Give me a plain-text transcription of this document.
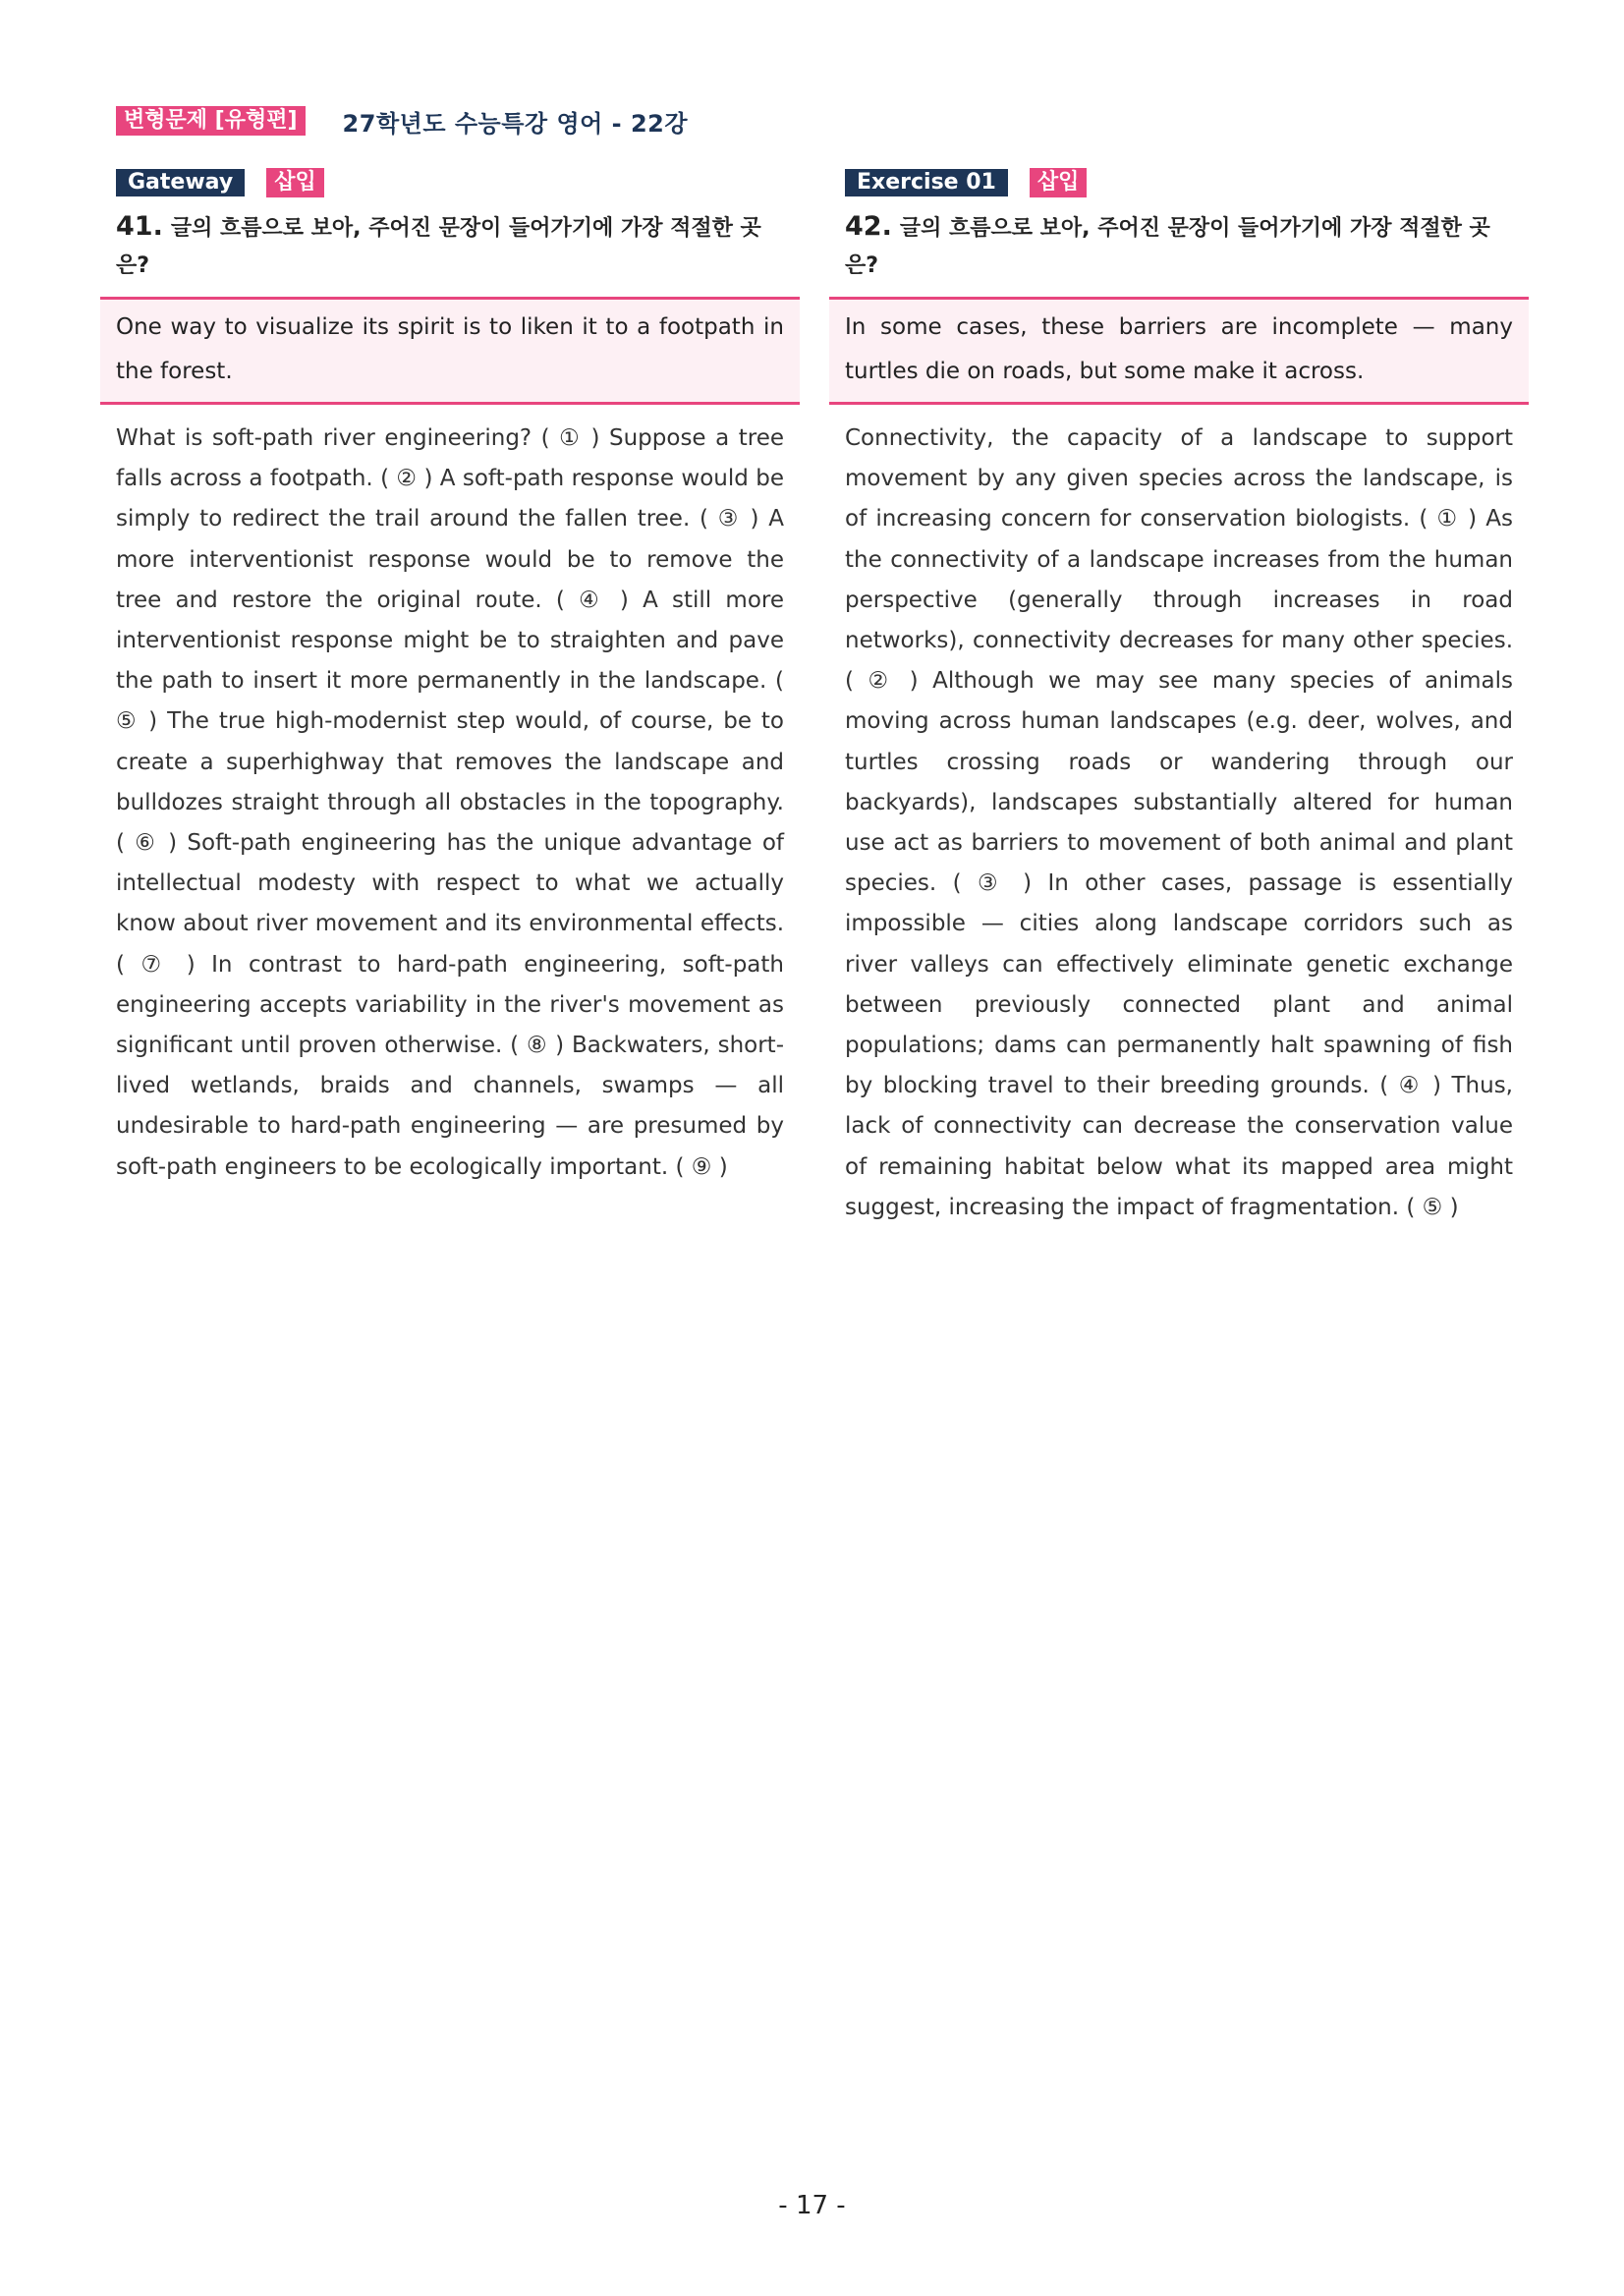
변형문제 [유형편]	27학년도 수능특강 영어 - 22강
Gateway	삽입
41. 글의 흐름으로 보아, 주어진 문장이 들어가기에 가장 적절한 곳은?
One way to visualize its spirit is to liken it to a footpath in the forest.
What is soft-path river engineering? ( ① ) Suppose a tree falls across a footpath. ( ② ) A soft-path response would be simply to redirect the trail around the fallen tree. ( ③ ) A more interventionist response would be to remove the tree and restore the original route. ( ④ ) A still more interventionist response might be to straighten and pave the path to insert it more permanently in the landscape. ( ⑤ ) The true high-modernist step would, of course, be to create a superhighway that removes the landscape and bulldozes straight through all obstacles in the topography. ( ⑥ ) Soft-path engineering has the unique advantage of intellectual modesty with respect to what we actually know about river movement and its environmental effects. ( ⑦ ) In contrast to hard-path engineering, soft-path engineering accepts variability in the river's movement as significant until proven otherwise. ( ⑧ ) Backwaters, short-lived wetlands, braids and channels, swamps — all undesirable to hard-path engineering — are presumed by soft-path engineers to be ecologically important. ( ⑨ )
Exercise 01	삽입
42. 글의 흐름으로 보아, 주어진 문장이 들어가기에 가장 적절한 곳은?
In some cases, these barriers are incomplete — many turtles die on roads, but some make it across.
Connectivity, the capacity of a landscape to support movement by any given species across the landscape, is of increasing concern for conservation biologists. ( ① ) As the connectivity of a landscape increases from the human perspective (generally through increases in road networks), connectivity decreases for many other species. ( ② ) Although we may see many species of animals moving across human landscapes (e.g. deer, wolves, and turtles crossing roads or wandering through our backyards), landscapes substantially altered for human use act as barriers to movement of both animal and plant species. ( ③ ) In other cases, passage is essentially impossible — cities along landscape corridors such as river valleys can effectively eliminate genetic exchange between previously connected plant and animal populations; dams can permanently halt spawning of fish by blocking travel to their breeding grounds. ( ④ ) Thus, lack of connectivity can decrease the conservation value of remaining habitat below what its mapped area might suggest, increasing the impact of fragmentation. ( ⑤ )
- 17 -
